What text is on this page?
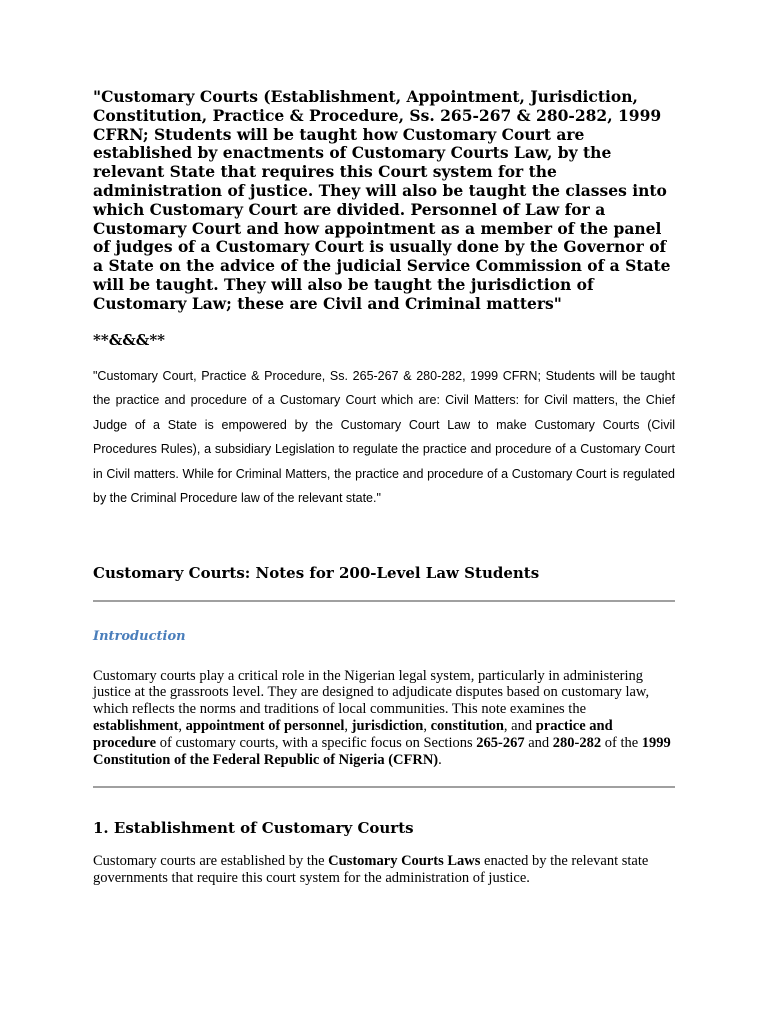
"Customary Courts (Establishment, Appointment, Jurisdiction, Constitution, Practice & Procedure, Ss. 265-267 & 280-282, 1999 CFRN; Students will be taught how Customary Court are established by enactments of Customary Courts Law, by the relevant State that requires this Court system for the administration of justice. They will also be taught the classes into which Customary Court are divided. Personnel of Law for a Customary Court and how appointment as a member of the panel of judges of a Customary Court is usually done by the Governor of a State on the advice of the judicial Service Commission of a State will be taught. They will also be taught the jurisdiction of Customary Law; these are Civil and Criminal matters"

**&&&**

"Customary Court, Practice & Procedure, Ss. 265-267 & 280-282, 1999 CFRN; Students will be taught the practice and procedure of a Customary Court which are: Civil Matters: for Civil matters, the Chief Judge of a State is empowered by the Customary Court Law to make Customary Courts (Civil Procedures Rules), a subsidiary Legislation to regulate the practice and procedure of a Customary Court in Civil matters. While for Criminal Matters, the practice and procedure of a Customary Court is regulated by the Criminal Procedure law of the relevant state."

Customary Courts: Notes for 200-Level Law Students
Introduction

Customary courts play a critical role in the Nigerian legal system, particularly in administering justice at the grassroots level. They are designed to adjudicate disputes based on customary law, which reflects the norms and traditions of local communities. This note examines the establishment, appointment of personnel, jurisdiction, constitution, and practice and procedure of customary courts, with a specific focus on Sections 265-267 and 280-282 of the 1999 Constitution of the Federal Republic of Nigeria (CFRN).

1. Establishment of Customary Courts

Customary courts are established by the Customary Courts Laws enacted by the relevant state governments that require this court system for the administration of justice.
